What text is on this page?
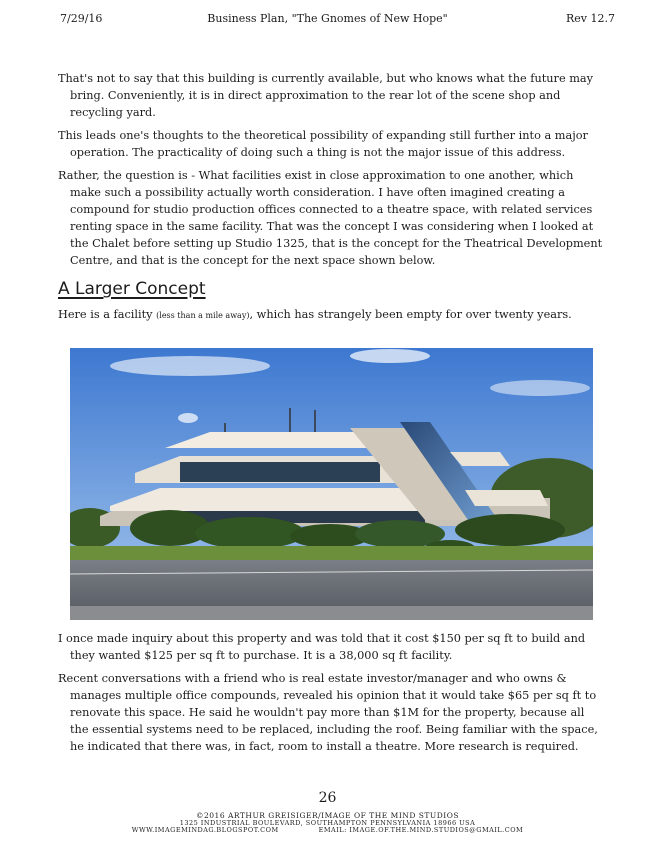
7/29/16	Business Plan, "The Gnomes of New Hope"	Rev 12.7

That's not to say that this building is currently available, but who knows what the future may bring. Conveniently, it is in direct approximation to the rear lot of the scene shop and recycling yard.

This leads one's thoughts to the theoretical possibility of expanding still further into a major operation. The practicality of doing such a thing is not the major issue of this address.

Rather, the question is - What facilities exist in close approximation to one another, which make such a possibility actually worth consideration. I have often imagined creating a compound for studio production offices connected to a theatre space, with related services renting space in the same facility. That was the concept I was considering when I looked at the Chalet before setting up Studio 1325, that is the concept for the Theatrical Development Centre, and that is the concept for the next space shown below.

A Larger Concept

Here is a facility (less than a mile away), which has strangely been empty for over twenty years.

I once made inquiry about this property and was told that it cost $150 per sq ft to build and they wanted $125 per sq ft to purchase. It is a 38,000 sq ft facility.

Recent conversations with a friend who is real estate investor/manager and who owns & manages multiple office compounds, revealed his opinion that it would take $65 per sq ft to renovate this space. He said he wouldn't pay more than $1M for the property, because all the essential systems need to be replaced, including the roof. Being familiar with the space, he indicated that there was, in fact, room to install a theatre. More research is required.

26
©2016 ARTHUR GREISIGER/IMAGE OF THE MIND STUDIOS
1325 INDUSTRIAL BOULEVARD, SOUTHAMPTON PENNSYLVANIA 18966 USA
WWW.IMAGEMINDAG.BLOGSPOT.COM	EMAIL: IMAGE.OF.THE.MIND.STUDIOS@GMAIL.COM
